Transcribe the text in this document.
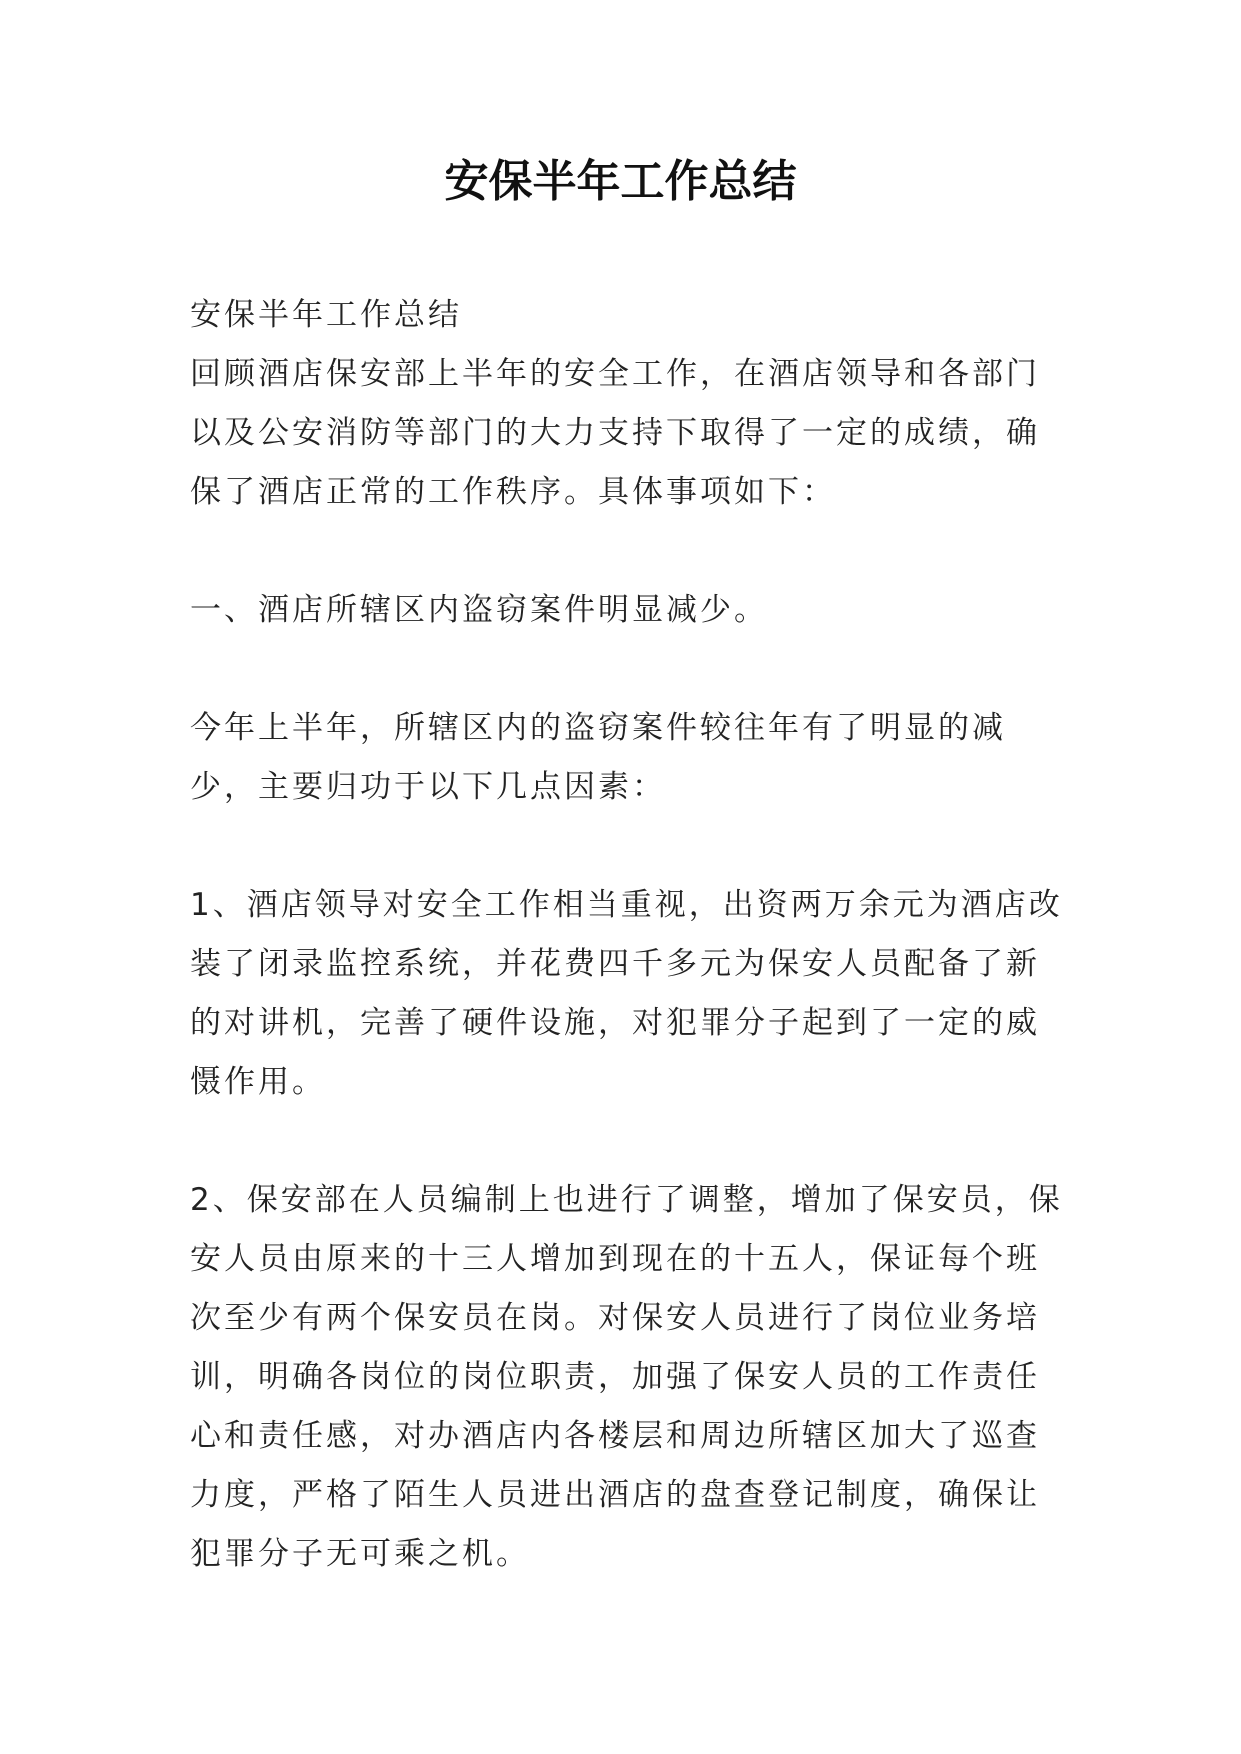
安保半年工作总结

安保半年工作总结

回顾酒店保安部上半年的安全工作，在酒店领导和各部门以及公安消防等部门的大力支持下取得了一定的成绩，确保了酒店正常的工作秩序。具体事项如下：

一、酒店所辖区内盗窃案件明显减少。

今年上半年，所辖区内的盗窃案件较往年有了明显的减少，主要归功于以下几点因素：

1、酒店领导对安全工作相当重视，出资两万余元为酒店改装了闭录监控系统，并花费四千多元为保安人员配备了新的对讲机，完善了硬件设施，对犯罪分子起到了一定的威慑作用。

2、保安部在人员编制上也进行了调整，增加了保安员，保安人员由原来的十三人增加到现在的十五人，保证每个班次至少有两个保安员在岗。对保安人员进行了岗位业务培训，明确各岗位的岗位职责，加强了保安人员的工作责任心和责任感，对办酒店内各楼层和周边所辖区加大了巡查力度，严格了陌生人员进出酒店的盘查登记制度，确保让犯罪分子无可乘之机。
